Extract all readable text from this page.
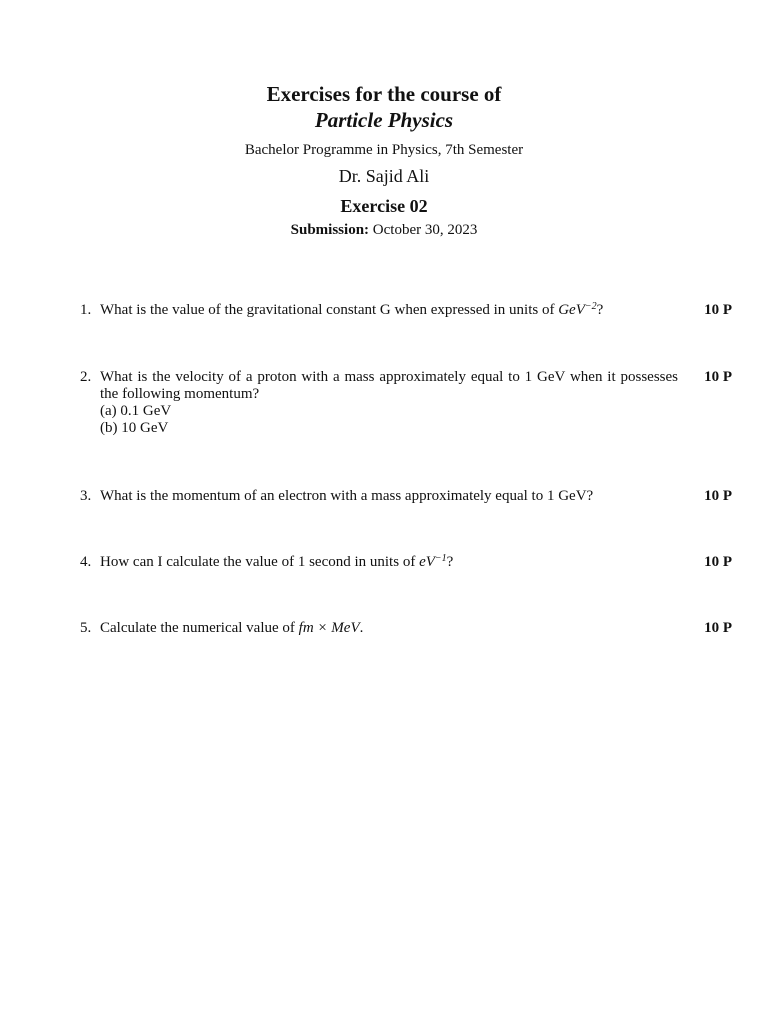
Exercises for the course of
Particle Physics
Bachelor Programme in Physics, 7th Semester
Dr. Sajid Ali
Exercise 02
Submission: October 30, 2023
1. What is the value of the gravitational constant G when expressed in units of GeV$^{-2}$?	10 P
2. What is the velocity of a proton with a mass approximately equal to 1 GeV when it possesses the following momentum?
(a) 0.1 GeV
(b) 10 GeV
10 P
3. What is the momentum of an electron with a mass approximately equal to 1 GeV?	10 P
4. How can I calculate the value of 1 second in units of $eV^{-1}$?	10 P
5. Calculate the numerical value of fm × MeV.	10 P
